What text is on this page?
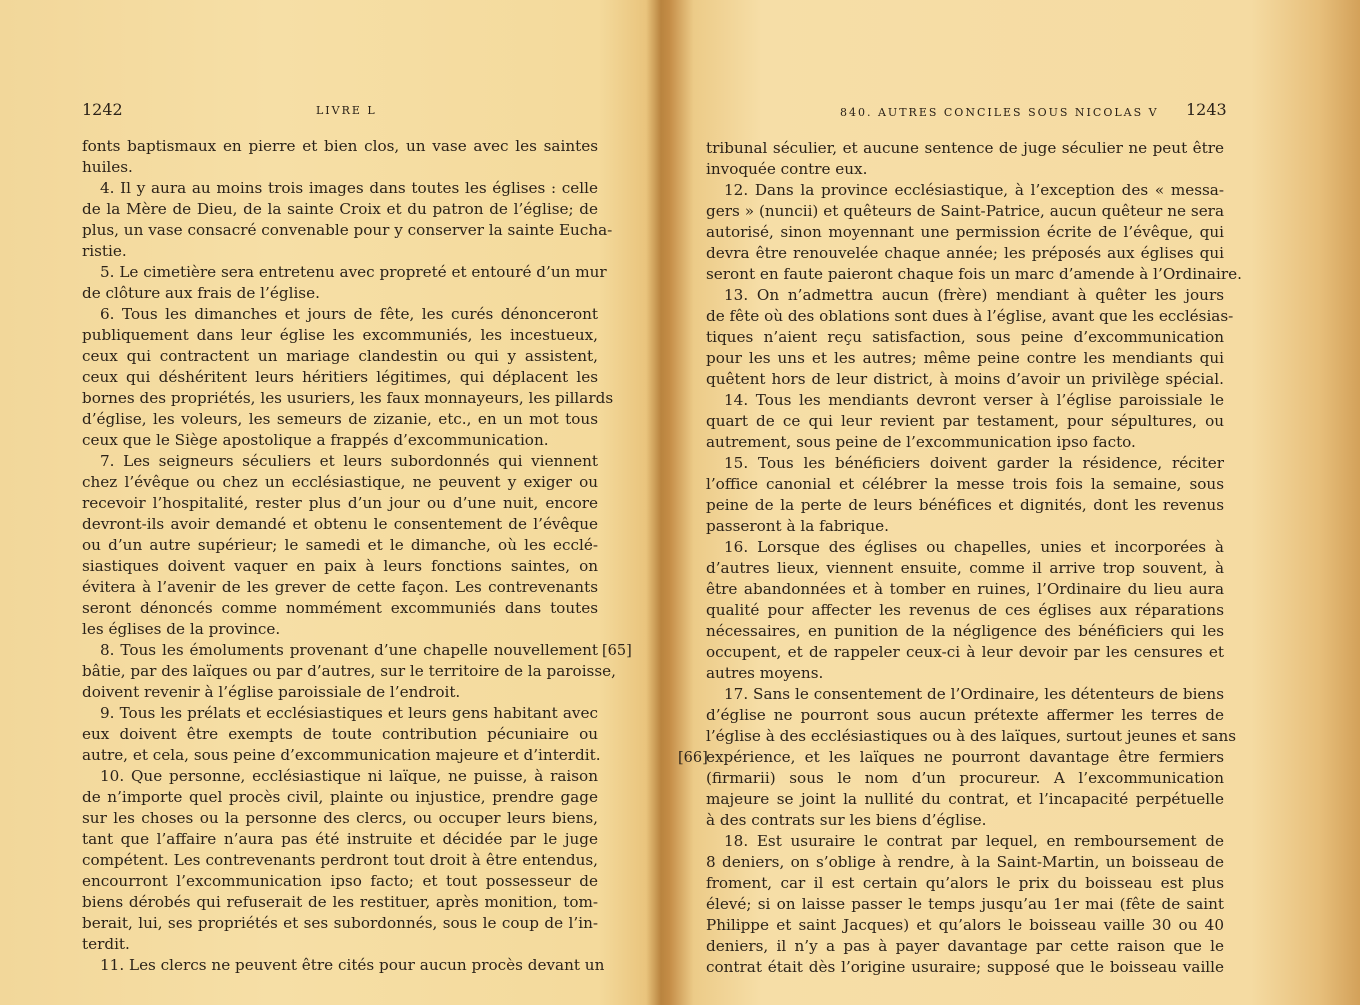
1242	LIVRE L
[65]
fonts baptismaux en pierre et bien clos, un vase avec les saintes
huiles.
4. Il y aura au moins trois images dans toutes les églises : celle
de la Mère de Dieu, de la sainte Croix et du patron de l’église; de
plus, un vase consacré convenable pour y conserver la sainte Eucha-
ristie.
5. Le cimetière sera entretenu avec propreté et entouré d’un mur
de clôture aux frais de l’église.
6. Tous les dimanches et jours de fête, les curés dénonceront
publiquement dans leur église les excommuniés, les incestueux,
ceux qui contractent un mariage clandestin ou qui y assistent,
ceux qui déshéritent leurs héritiers légitimes, qui déplacent les
bornes des propriétés, les usuriers, les faux monnayeurs, les pillards
d’église, les voleurs, les semeurs de zizanie, etc., en un mot tous
ceux que le Siège apostolique a frappés d’excommunication.
7. Les seigneurs séculiers et leurs subordonnés qui viennent
chez l’évêque ou chez un ecclésiastique, ne peuvent y exiger ou
recevoir l’hospitalité, rester plus d’un jour ou d’une nuit, encore
devront-ils avoir demandé et obtenu le consentement de l’évêque
ou d’un autre supérieur; le samedi et le dimanche, où les ecclé-
siastiques doivent vaquer en paix à leurs fonctions saintes, on
évitera à l’avenir de les grever de cette façon. Les contrevenants
seront dénoncés comme nommément excommuniés dans toutes
les églises de la province.
8. Tous les émoluments provenant d’une chapelle nouvellement
bâtie, par des laïques ou par d’autres, sur le territoire de la paroisse,
doivent revenir à l’église paroissiale de l’endroit.
9. Tous les prélats et ecclésiastiques et leurs gens habitant avec
eux doivent être exempts de toute contribution pécuniaire ou
autre, et cela, sous peine d’excommunication majeure et d’interdit.
10. Que personne, ecclésiastique ni laïque, ne puisse, à raison
de n’importe quel procès civil, plainte ou injustice, prendre gage
sur les choses ou la personne des clercs, ou occuper leurs biens,
tant que l’affaire n’aura pas été instruite et décidée par le juge
compétent. Les contrevenants perdront tout droit à être entendus,
encourront l’excommunication ipso facto; et tout possesseur de
biens dérobés qui refuserait de les restituer, après monition, tom-
berait, lui, ses propriétés et ses subordonnés, sous le coup de l’in-
terdit.
11. Les clercs ne peuvent être cités pour aucun procès devant un
840. AUTRES CONCILES SOUS NICOLAS V 1243
[66]
tribunal séculier, et aucune sentence de juge séculier ne peut être
invoquée contre eux.
12. Dans la province ecclésiastique, à l’exception des « messa-
gers » (nuncii) et quêteurs de Saint-Patrice, aucun quêteur ne sera
autorisé, sinon moyennant une permission écrite de l’évêque, qui
devra être renouvelée chaque année; les préposés aux églises qui
seront en faute paieront chaque fois un marc d’amende à l’Ordinaire.
13. On n’admettra aucun (frère) mendiant à quêter les jours
de fête où des oblations sont dues à l’église, avant que les ecclésias-
tiques n’aient reçu satisfaction, sous peine d’excommunication
pour les uns et les autres; même peine contre les mendiants qui
quêtent hors de leur district, à moins d’avoir un privilège spécial.
14. Tous les mendiants devront verser à l’église paroissiale le
quart de ce qui leur revient par testament, pour sépultures, ou
autrement, sous peine de l’excommunication ipso facto.
15. Tous les bénéficiers doivent garder la résidence, réciter
l’office canonial et célébrer la messe trois fois la semaine, sous
peine de la perte de leurs bénéfices et dignités, dont les revenus
passeront à la fabrique.
16. Lorsque des églises ou chapelles, unies et incorporées à
d’autres lieux, viennent ensuite, comme il arrive trop souvent, à
être abandonnées et à tomber en ruines, l’Ordinaire du lieu aura
qualité pour affecter les revenus de ces églises aux réparations
nécessaires, en punition de la négligence des bénéficiers qui les
occupent, et de rappeler ceux-ci à leur devoir par les censures et
autres moyens.
17. Sans le consentement de l’Ordinaire, les détenteurs de biens
d’église ne pourront sous aucun prétexte affermer les terres de
l’église à des ecclésiastiques ou à des laïques, surtout jeunes et sans
expérience, et les laïques ne pourront davantage être fermiers
(firmarii) sous le nom d’un procureur. A l’excommunication
majeure se joint la nullité du contrat, et l’incapacité perpétuelle
à des contrats sur les biens d’église.
18. Est usuraire le contrat par lequel, en remboursement de
8 deniers, on s’oblige à rendre, à la Saint-Martin, un boisseau de
froment, car il est certain qu’alors le prix du boisseau est plus
élevé; si on laisse passer le temps jusqu’au 1er mai (fête de saint
Philippe et saint Jacques) et qu’alors le boisseau vaille 30 ou 40
deniers, il n’y a pas à payer davantage par cette raison que le
contrat était dès l’origine usuraire; supposé que le boisseau vaille
